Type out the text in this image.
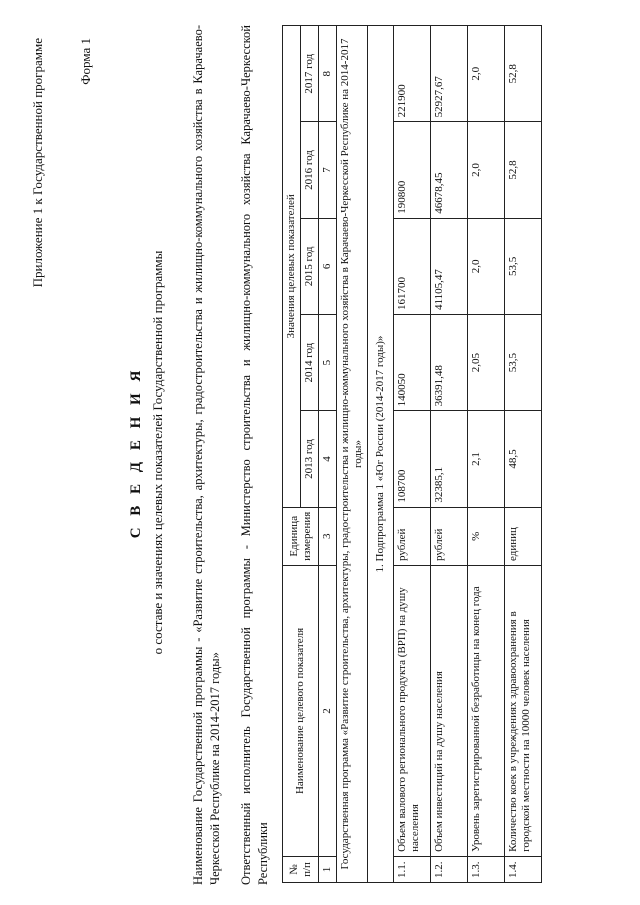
Приложение 1 к Государственной программе	Форма 1
С В Е Д Е Н И Я о составе и значениях целевых показателей Государственной программы Наименование Государственной программы - «Развитие строительства, архитектуры, градостроительства и жилищно-коммунального хозяйства в Карачаево-Черкесской Республике на 2014-2017 годы» Ответственный исполнитель Государственной программы - Министерство строительства и жилищно-коммунального хозяйства Карачаево-Черкесской Республики № п/п	Наименование целевого показателя	Единица измерения	Значения целевых показателей				
			2013 год	2014 год	2015 год	2016 год	2017 год
1	2	3	4	5	6	7	8
Государственная программа «Развитие строительства, архитектуры, градостроительства и жилищно-коммунального хозяйства в Карачаево-Черкесской Республике на 2014-2017 годы»							
1. Подпрограмма 1 «Юг России (2014-2017 годы)»							
1.1.	Объем валового регионального продукта (ВРП) на душу населения	рублей	108700	140050	161700	190800	221900
1.2.	Объем инвестиций на душу населения	рублей	32385,1	36391,48	41105,47	46678,45	52927,67
1.3.	Уровень зарегистрированной безработицы на конец года	%	2,1	2,05	2,0	2,0	2,0
1.4.	Количество коек в учреждениях здравоохранения в городской местности на 10000 человек населения	единиц	48,5	53,5	53,5	52,8	52,8
